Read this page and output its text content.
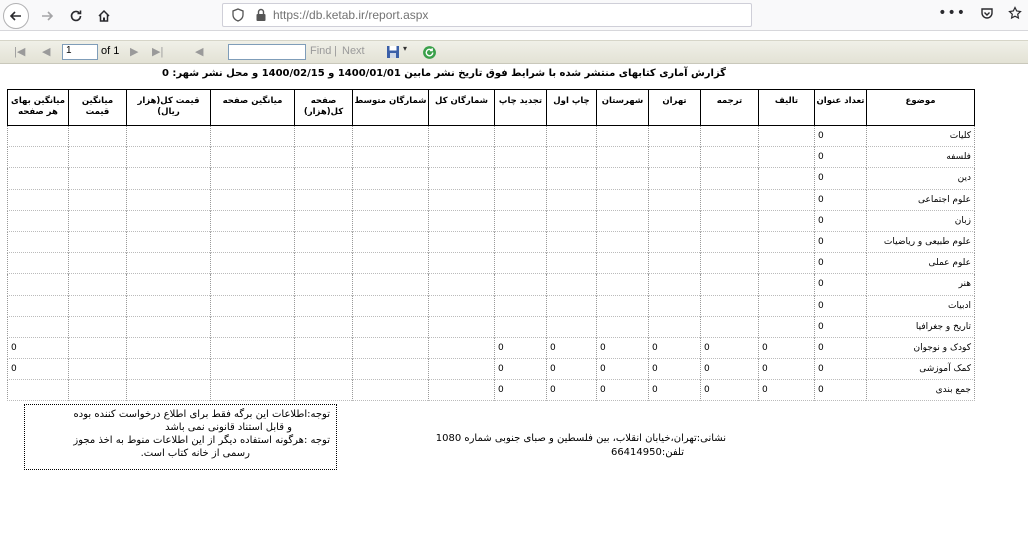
https://db.ketab.ir/report.aspx	•••
|◀ ◀	1	of 1 ▶ ▶|	◀	Find | Next	▾
گزارش آماری کتابهای منتشر شده با شرایط فوق تاریخ نشر مابین 1400/01/01 و 1400/02/15 و محل نشر شهر: 0
موضوع	تعداد عنوان	تالیف	ترجمه	تهران	شهرستان	چاپ اول	تجدید چاپ	شمارگان کل	شمارگان متوسط	صفحه کل(هزار)	میانگین صفحه	قیمت کل(هزار ریال)	میانگین قیمت	میانگین بهای هر صفحه
کلیات	0													
فلسفه	0													
دین	0													
علوم اجتماعی	0													
زبان	0													
علوم طبیعی و ریاضیات	0													
علوم عملی	0													
هنر	0													
ادبیات	0													
تاریخ و جغرافیا	0													
کودک و نوجوان	0	0	0	0	0	0	0							0
کمک آموزشی	0	0	0	0	0	0	0							0
جمع بندی	0	0	0	0	0	0	0							
توجه:اطلاعات این برگه فقط برای اطلاع درخواست کننده بوده
و قابل استناد قانونی نمی باشد
توجه :هرگونه استفاده دیگر از این اطلاعات منوط به اخذ مجوز
رسمی از خانه کتاب است.
نشانی:تهران،خیابان انقلاب، بین فلسطین و صبای جنوبی شماره 1080
تلفن:66414950
